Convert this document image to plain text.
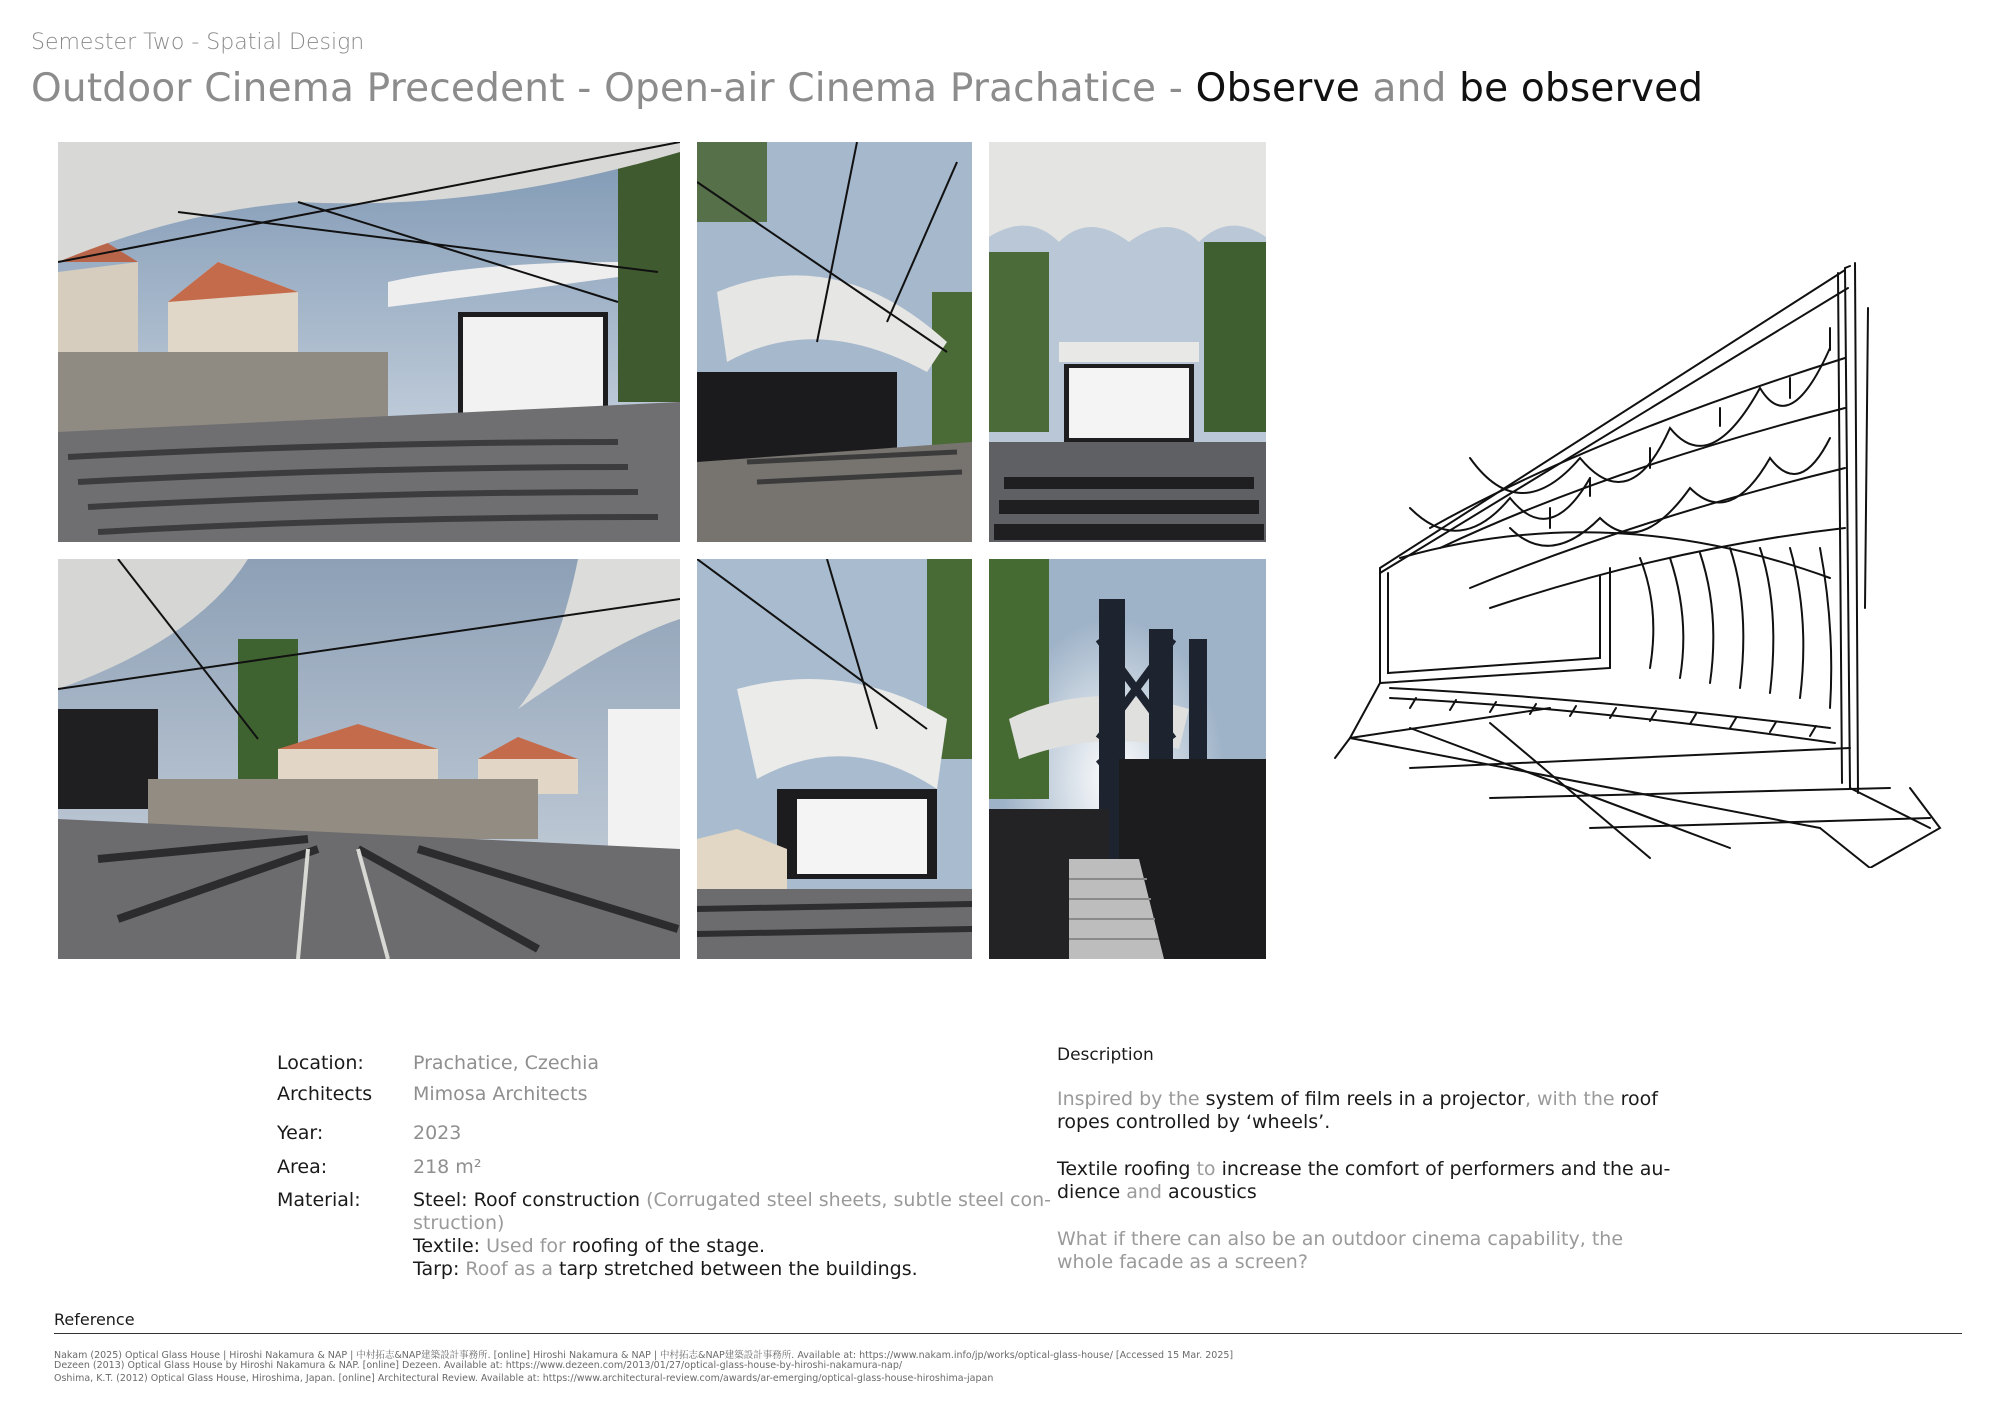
Semester Two - Spatial Design
Outdoor Cinema Precedent - Open-air Cinema Prachatice - Observe and be observed
Location:	Prachatice, Czechia
Architects Mimosa Architects
Year:	2023
Area:	218 m²
Material:	Steel: Roof construction (Corrugated steel sheets, subtle steel con-
struction)
Textile: Used for roofing of the stage.
Tarp: Roof as a tarp stretched between the buildings.
Description
Inspired by the system of film reels in a projector, with the roof
ropes controlled by ‘wheels’.
Textile roofing to increase the comfort of performers and the au-
dience and acoustics
What if there can also be an outdoor cinema capability, the
whole facade as a screen?
Reference
Nakam (2025) Optical Glass House | Hiroshi Nakamura & NAP | 中村拓志&NAP建築設計事務所. [online] Hiroshi Nakamura & NAP | 中村拓志&NAP建築設計事務所. Available at: https://www.nakam.info/jp/works/optical-glass-house/ [Accessed 15 Mar. 2025]
Dezeen (2013) Optical Glass House by Hiroshi Nakamura & NAP. [online] Dezeen. Available at: https://www.dezeen.com/2013/01/27/optical-glass-house-by-hiroshi-nakamura-nap/
Oshima, K.T. (2012) Optical Glass House, Hiroshima, Japan. [online] Architectural Review. Available at: https://www.architectural-review.com/awards/ar-emerging/optical-glass-house-hiroshima-japan
